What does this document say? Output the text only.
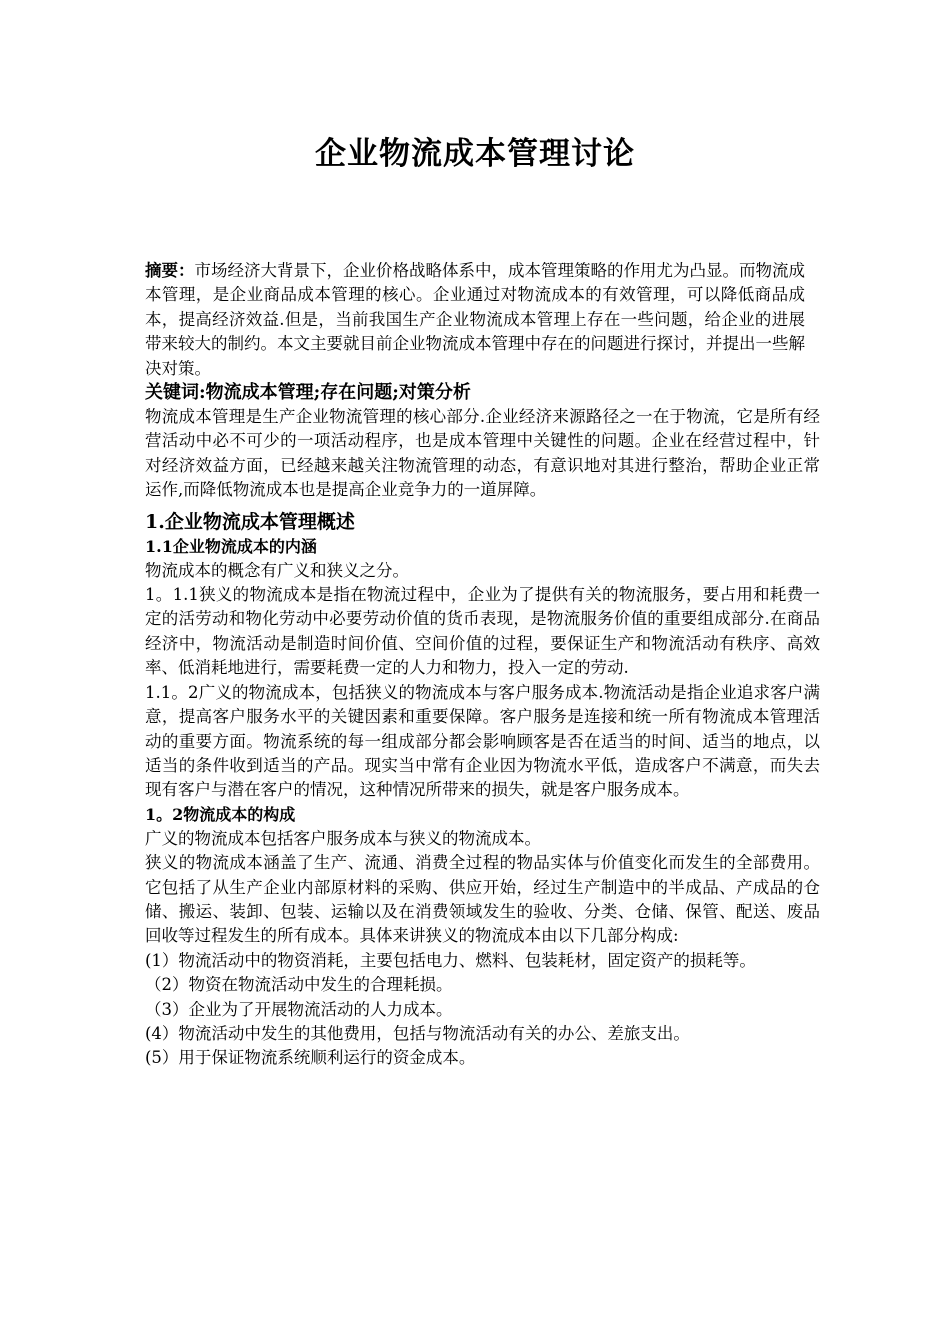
企业物流成本管理讨论

摘要：市场经济大背景下，企业价格战略体系中，成本管理策略的作用尤为凸显。而物流成本管理，是企业商品成本管理的核心。企业通过对物流成本的有效管理，可以降低商品成本，提高经济效益.但是，当前我国生产企业物流成本管理上存在一些问题，给企业的进展带来较大的制约。本文主要就目前企业物流成本管理中存在的问题进行探讨，并提出一些解决对策。

关键词:物流成本管理;存在问题;对策分析

物流成本管理是生产企业物流管理的核心部分.企业经济来源路径之一在于物流，它是所有经营活动中必不可少的一项活动程序，也是成本管理中关键性的问题。企业在经营过程中，针对经济效益方面，已经越来越关注物流管理的动态，有意识地对其进行整治，帮助企业正常运作,而降低物流成本也是提高企业竞争力的一道屏障。

1.企业物流成本管理概述

1.1企业物流成本的内涵

物流成本的概念有广义和狭义之分。

1。1.1狭义的物流成本是指在物流过程中，企业为了提供有关的物流服务，要占用和耗费一定的活劳动和物化劳动中必要劳动价值的货币表现，是物流服务价值的重要组成部分.在商品经济中，物流活动是制造时间价值、空间价值的过程，要保证生产和物流活动有秩序、高效率、低消耗地进行，需要耗费一定的人力和物力，投入一定的劳动.

1.1。2广义的物流成本，包括狭义的物流成本与客户服务成本.物流活动是指企业追求客户满意，提高客户服务水平的关键因素和重要保障。客户服务是连接和统一所有物流成本管理活动的重要方面。物流系统的每一组成部分都会影响顾客是否在适当的时间、适当的地点，以适当的条件收到适当的产品。现实当中常有企业因为物流水平低，造成客户不满意，而失去现有客户与潜在客户的情况，这种情况所带来的损失，就是客户服务成本。

1。2物流成本的构成

广义的物流成本包括客户服务成本与狭义的物流成本。

狭义的物流成本涵盖了生产、流通、消费全过程的物品实体与价值变化而发生的全部费用。它包括了从生产企业内部原材料的采购、供应开始，经过生产制造中的半成品、产成品的仓储、搬运、装卸、包装、运输以及在消费领域发生的验收、分类、仓储、保管、配送、废品回收等过程发生的所有成本。具体来讲狭义的物流成本由以下几部分构成:

(1）物流活动中的物资消耗，主要包括电力、燃料、包装耗材，固定资产的损耗等。

（2）物资在物流活动中发生的合理耗损。

（3）企业为了开展物流活动的人力成本。

(4）物流活动中发生的其他费用，包括与物流活动有关的办公、差旅支出。

(5）用于保证物流系统顺利运行的资金成本。
